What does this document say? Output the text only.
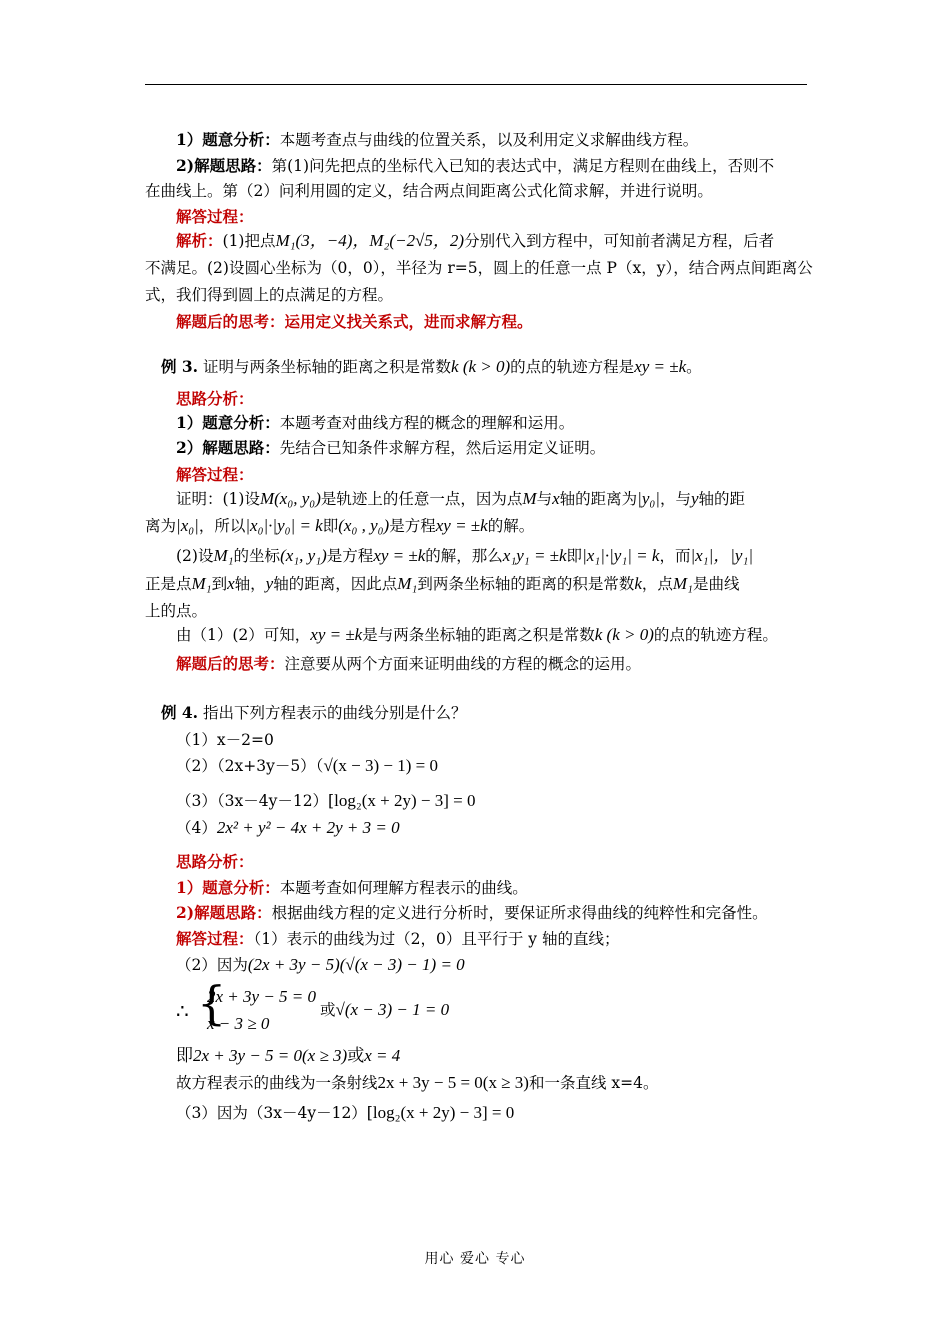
1）题意分析：本题考查点与曲线的位置关系，以及利用定义求解曲线方程。
2)解题思路：第(1)问先把点的坐标代入已知的表达式中，满足方程则在曲线上，否则不
在曲线上。第（2）问利用圆的定义，结合两点间距离公式化简求解，并进行说明。
解答过程：
解析：(1)把点M₁(3，−4)，M₂(−2√5，2)分别代入到方程中，可知前者满足方程，后者
不满足。(2)设圆心坐标为（0，0），半径为 r=5，圆上的任意一点 P（x，y），结合两点间距离公
式，我们得到圆上的点满足的方程。
解题后的思考：运用定义找关系式，进而求解方程。
例 3. 证明与两条坐标轴的距离之积是常数k (k > 0)的点的轨迹方程是xy = ±k。
思路分析：
1）题意分析：本题考查对曲线方程的概念的理解和运用。
2）解题思路：先结合已知条件求解方程，然后运用定义证明。
解答过程：
证明：(1)设M(x₀, y₀)是轨迹上的任意一点，因为点M与x轴的距离为|y₀|，与y轴的距
离为|x₀|，所以|x₀|·|y₀| = k即(x₀ , y₀)是方程xy = ±k的解。
(2)设M₁的坐标(x₁, y₁)是方程xy = ±k的解，那么x₁y₁ = ±k即|x₁|·|y₁| = k，而|x₁|，|y₁|
正是点M₁到x轴，y轴的距离，因此点M₁到两条坐标轴的距离的积是常数k，点M₁是曲线
上的点。
由（1）(2）可知，xy = ±k是与两条坐标轴的距离之积是常数k (k > 0)的点的轨迹方程。
解题后的思考：注意要从两个方面来证明曲线的方程的概念的运用。
例 4. 指出下列方程表示的曲线分别是什么？
（1）x－2=0
（2）（2x+3y－5）（√(x − 3) − 1) = 0
（3）（3x－4y－12）[log₂(x + 2y) − 3] = 0
（4）2x² + y² − 4x + 2y + 3 = 0
思路分析：
1）题意分析：本题考查如何理解方程表示的曲线。
2)解题思路：根据曲线方程的定义进行分析时，要保证所求得曲线的纯粹性和完备性。
解答过程：（1）表示的曲线为过（2，0）且平行于 y 轴的直线；
（2）因为(2x + 3y − 5)(√(x − 3) − 1) = 0
∴ {
2x + 3y − 5 = 0
x − 3 ≥ 0
或√(x − 3) − 1 = 0
即2x + 3y − 5 = 0(x ≥ 3)或x = 4
故方程表示的曲线为一条射线2x + 3y − 5 = 0(x ≥ 3)和一条直线 x=4。
（3）因为（3x－4y－12）[log₂(x + 2y) − 3] = 0
用心 爱心 专心
